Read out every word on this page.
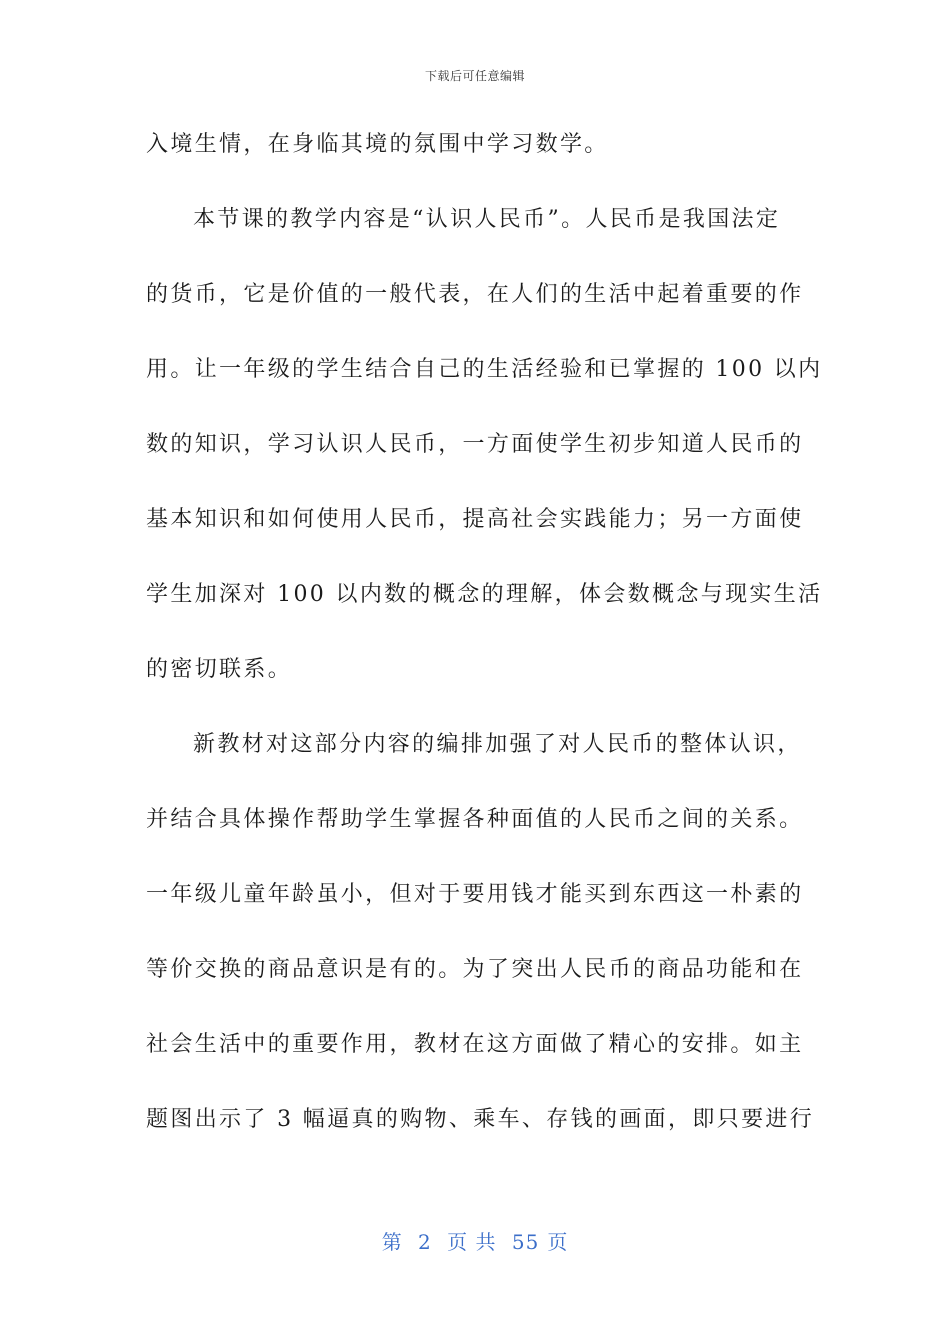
下载后可任意编辑
入境生情，在身临其境的氛围中学习数学。
本节课的教学内容是“认识人民币”。人民币是我国法定
的货币，它是价值的一般代表，在人们的生活中起着重要的作
用。让一年级的学生结合自己的生活经验和已掌握的 100 以内
数的知识，学习认识人民币，一方面使学生初步知道人民币的
基本知识和如何使用人民币，提高社会实践能力；另一方面使
学生加深对 100 以内数的概念的理解，体会数概念与现实生活
的密切联系。
新教材对这部分内容的编排加强了对人民币的整体认识，
并结合具体操作帮助学生掌握各种面值的人民币之间的关系。
一年级儿童年龄虽小，但对于要用钱才能买到东西这一朴素的
等价交换的商品意识是有的。为了突出人民币的商品功能和在
社会生活中的重要作用，教材在这方面做了精心的安排。如主
题图出示了 3 幅逼真的购物、乘车、存钱的画面，即只要进行
第 2 页 共 55 页
